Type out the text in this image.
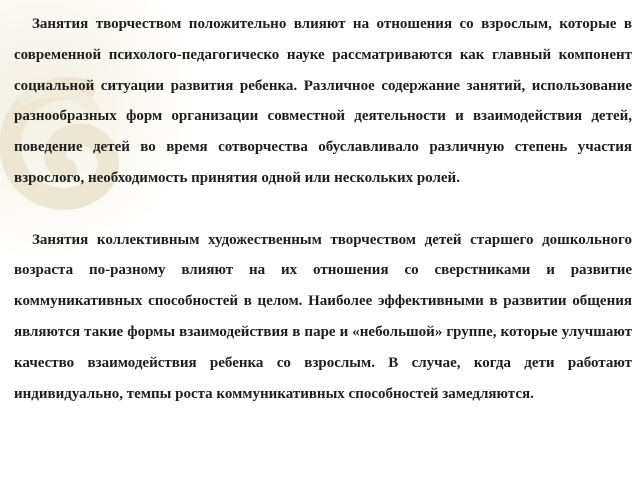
Занятия творчеством положительно влияют на отношения со взрослым, которые в современной психолого-педагогическо науке рассматриваются как главный компонент социальной ситуации развития ребенка. Различное содержание занятий, использование разнообразных форм организации совместной деятельности и взаимодействия детей, поведение детей во время сотворчества обуславливало различную степень участия взрослого, необходимость принятия одной или нескольких ролей.

Занятия коллективным художественным творчеством детей старшего дошкольного возраста по-разному влияют на их отношения со сверстниками и развитие коммуникативных способностей в целом. Наиболее эффективными в развитии общения являются такие формы взаимодействия в паре и «небольшой» группе, которые улучшают качество взаимодействия ребенка со взрослым. В случае, когда дети работают индивидуально, темпы роста коммуникативных способностей замедляются.
